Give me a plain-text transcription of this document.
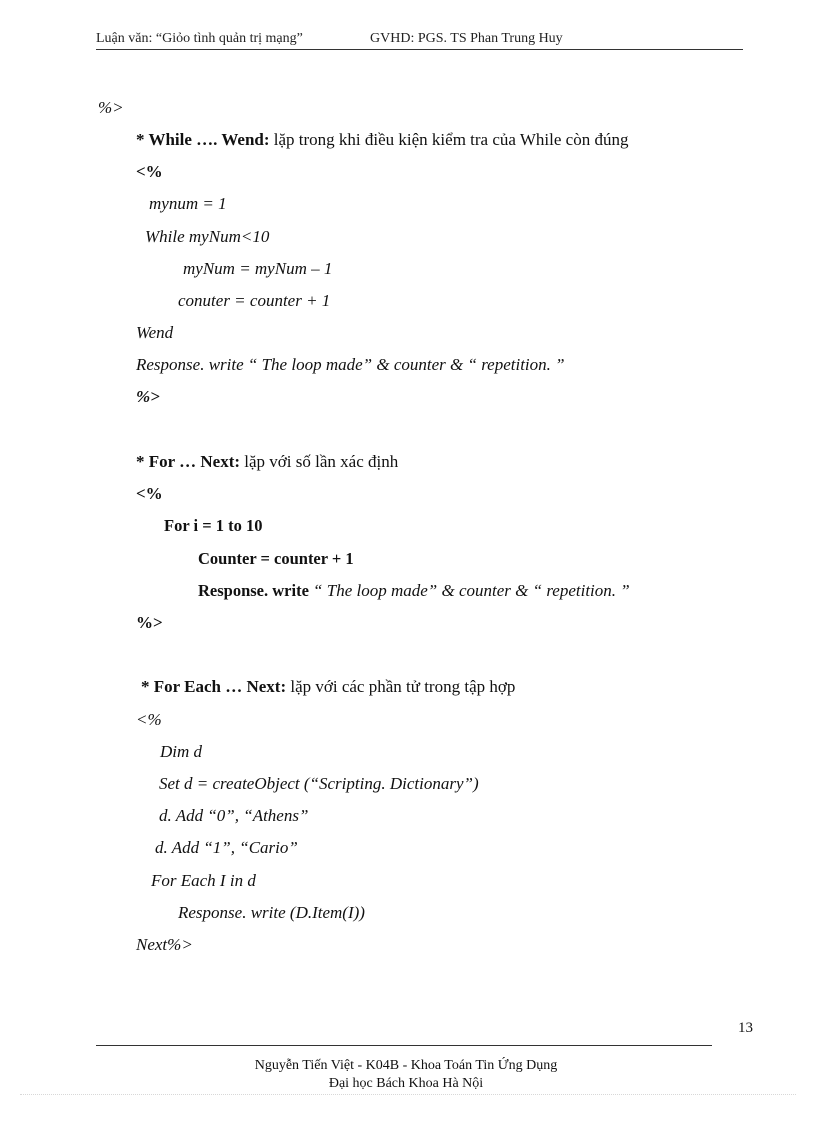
Luận văn: “Giỏo tình quản trị mạng”	GVHD: PGS. TS Phan Trung Huy
%>
* While …. Wend: lặp trong khi điều kiện kiểm tra của While còn đúng
<%
mynum = 1
While myNum<10
myNum = myNum – 1
conuter = counter + 1
Wend
Response. write “ The loop made” & counter & “ repetition. ”
%>
* For … Next: lặp với số lần xác định
<%
For i = 1 to 10
Counter = counter + 1
Response. write “ The loop made” & counter & “ repetition. ”
%>
* For Each … Next: lặp với các phần tử trong tập hợp
<%
Dim d
Set d = createObject (“Scripting. Dictionary”)
d. Add “0”, “Athens”
d. Add “1”, “Cario”
For Each I in d
Response. write (D.Item(I))
Next%>
13
Nguyễn Tiến Việt - K04B - Khoa Toán Tin Ứng Dụng
Đại học Bách Khoa Hà Nội
